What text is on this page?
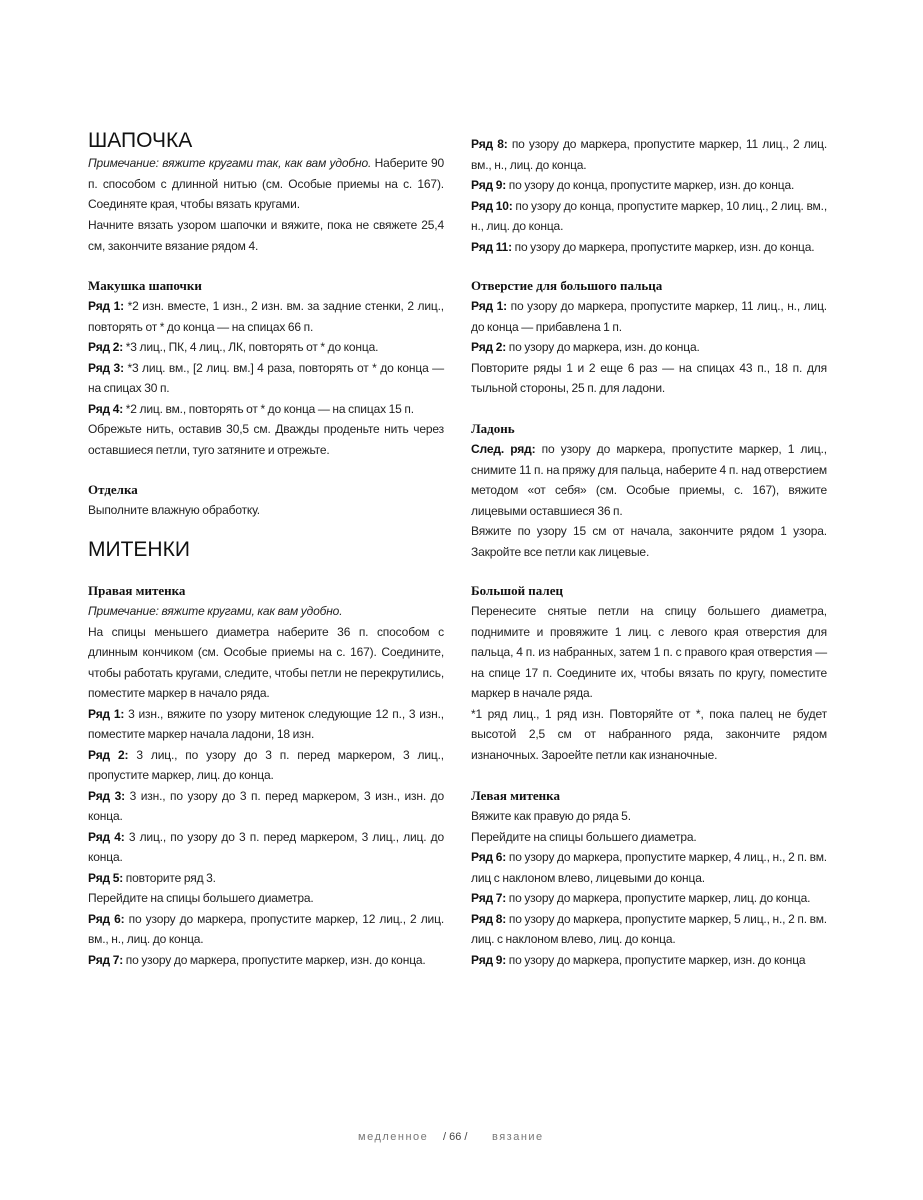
ШАПОЧКА
Примечание: вяжите кругами так, как вам удобно. Наберите 90 п. способом с длинной нитью (см. Особые приемы на с. 167). Соединяте края, чтобы вязать кругами.
Начните вязать узором шапочки и вяжите, пока не свяжете 25,4 см, закончите вязание рядом 4.
Макушка шапочки
Ряд 1: *2 изн. вместе, 1 изн., 2 изн. вм. за задние стенки, 2 лиц., повторять от * до конца — на спицах 66 п.
Ряд 2: *3 лиц., ПК, 4 лиц., ЛК, повторять от * до конца.
Ряд 3: *3 лиц. вм., [2 лиц. вм.] 4 раза, повторять от * до конца — на спицах 30 п.
Ряд 4: *2 лиц. вм., повторять от * до конца — на спицах 15 п.
Обрежьте нить, оставив 30,5 см. Дважды проденьте нить через оставшиеся петли, туго затяните и отрежьте.
Отделка
Выполните влажную обработку.
МИТЕНКИ
Правая митенка
Примечание: вяжите кругами, как вам удобно.
На спицы меньшего диаметра наберите 36 п. способом с длинным кончиком (см. Особые приемы на с. 167). Соедините, чтобы работать кругами, следите, чтобы петли не перекрутились, поместите маркер в начало ряда.
Ряд 1: 3 изн., вяжите по узору митенок следующие 12 п., 3 изн., поместите маркер начала ладони, 18 изн.
Ряд 2: 3 лиц., по узору до 3 п. перед маркером, 3 лиц., пропустите маркер, лиц. до конца.
Ряд 3: 3 изн., по узору до 3 п. перед маркером, 3 изн., изн. до конца.
Ряд 4: 3 лиц., по узору до 3 п. перед маркером, 3 лиц., лиц. до конца.
Ряд 5: повторите ряд 3.
Перейдите на спицы большего диаметра.
Ряд 6: по узору до маркера, пропустите маркер, 12 лиц., 2 лиц. вм., н., лиц. до конца.
Ряд 7: по узору до маркера, пропустите маркер, изн. до конца.
Ряд 8: по узору до маркера, пропустите маркер, 11 лиц., 2 лиц. вм., н., лиц. до конца.
Ряд 9: по узору до конца, пропустите маркер, изн. до конца.
Ряд 10: по узору до конца, пропустите маркер, 10 лиц., 2 лиц. вм., н., лиц. до конца.
Ряд 11: по узору до маркера, пропустите маркер, изн. до конца.
Отверстие для большого пальца
Ряд 1: по узору до маркера, пропустите маркер, 11 лиц., н., лиц. до конца — прибавлена 1 п.
Ряд 2: по узору до маркера, изн. до конца.
Повторите ряды 1 и 2 еще 6 раз — на спицах 43 п., 18 п. для тыльной стороны, 25 п. для ладони.
Ладонь
След. ряд: по узору до маркера, пропустите маркер, 1 лиц., снимите 11 п. на пряжу для пальца, наберите 4 п. над отверстием методом «от себя» (см. Особые приемы, с. 167), вяжите лицевыми оставшиеся 36 п.
Вяжите по узору 15 см от начала, закончите рядом 1 узора. Закройте все петли как лицевые.
Большой палец
Перенесите снятые петли на спицу большего диаметра, поднимите и провяжите 1 лиц. с левого края отверстия для пальца, 4 п. из набранных, затем 1 п. с правого края отверстия — на спице 17 п. Соедините их, чтобы вязать по кругу, поместите маркер в начале ряда.
*1 ряд лиц., 1 ряд изн. Повторяйте от *, пока палец не будет высотой 2,5 см от набранного ряда, закончите рядом изнаночных. Зароейте петли как изнаночные.
Левая митенка
Вяжите как правую до ряда 5.
Перейдите на спицы большего диаметра.
Ряд 6: по узору до маркера, пропустите маркер, 4 лиц., н., 2 п. вм. лиц с наклоном влево, лицевыми до конца.
Ряд 7: по узору до маркера, пропустите маркер, лиц. до конца.
Ряд 8: по узору до маркера, пропустите маркер, 5 лиц., н., 2 п. вм. лиц. с наклоном влево, лиц. до конца.
Ряд 9: по узору до маркера, пропустите маркер, изн. до конца
медленное / 66 / вязание
